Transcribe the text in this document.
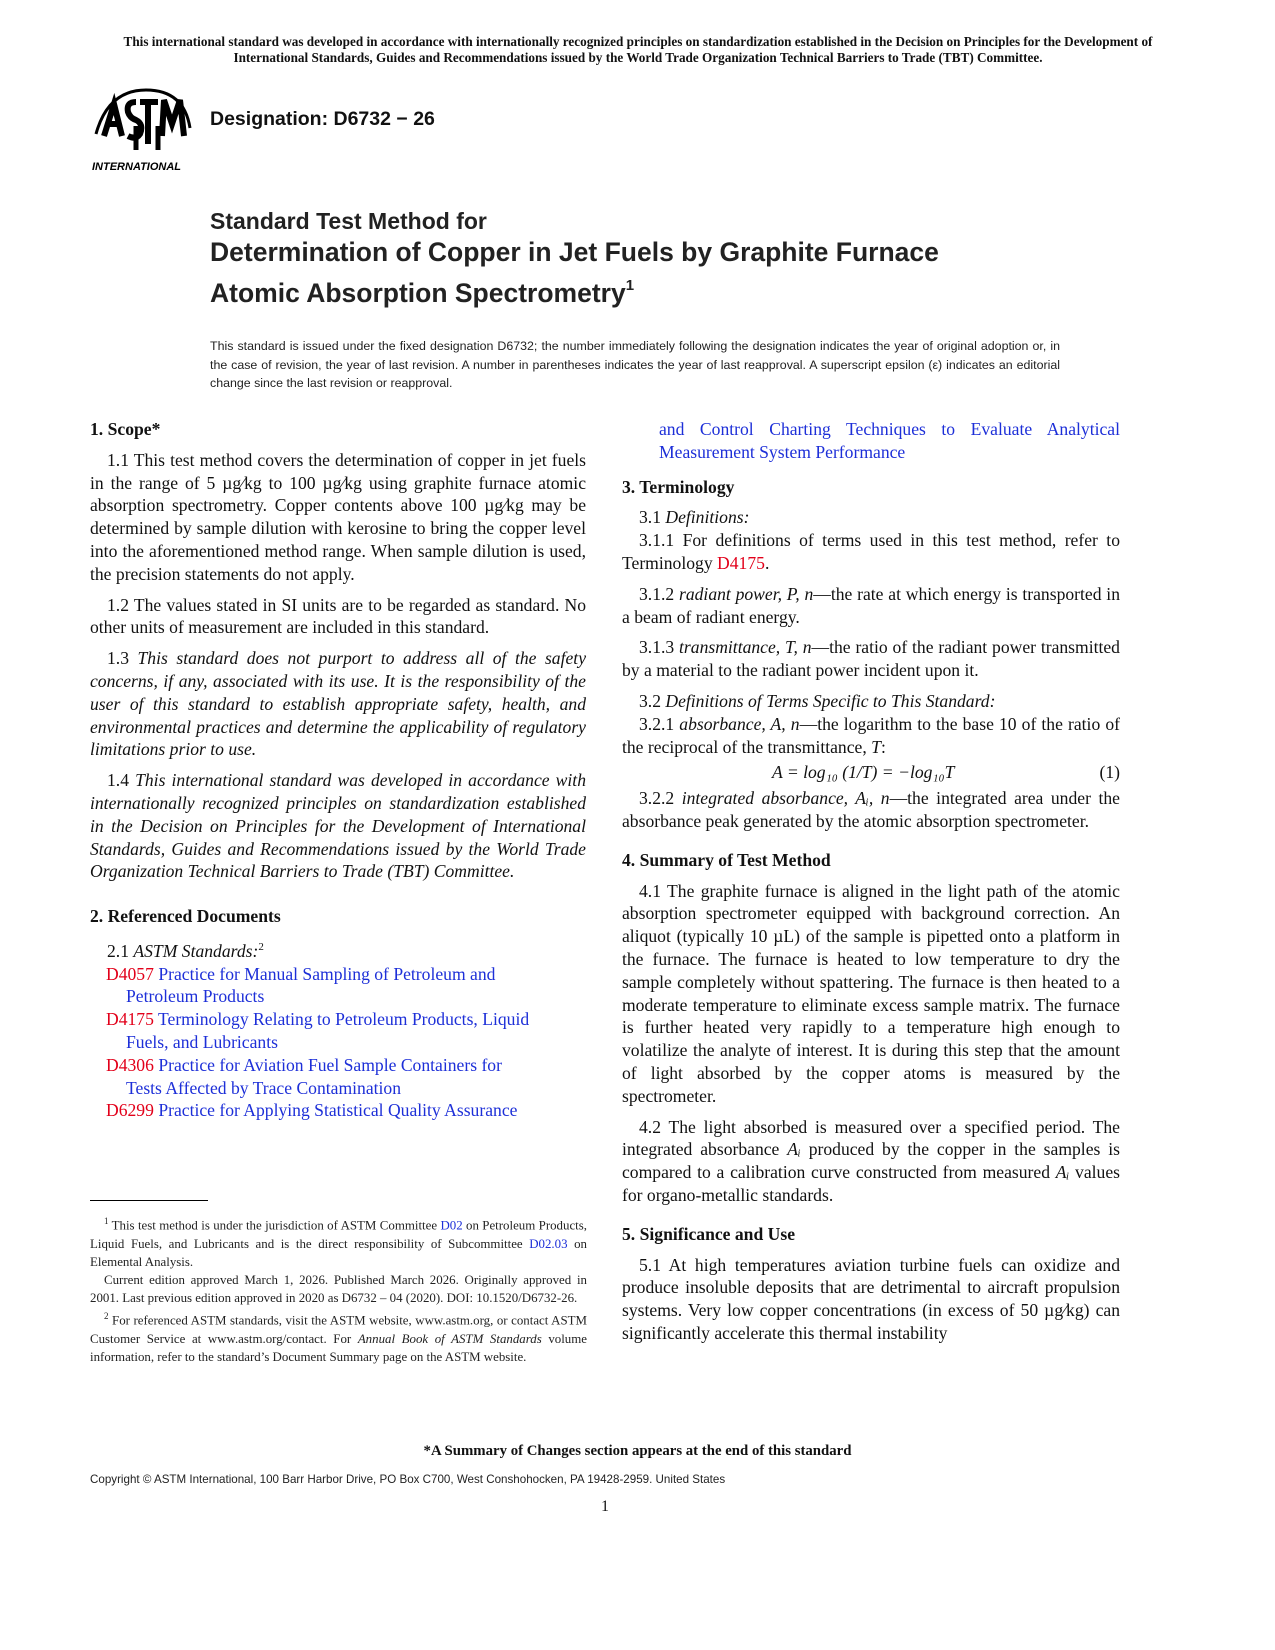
This international standard was developed in accordance with internationally recognized principles on standardization established in the Decision on Principles for the Development of International Standards, Guides and Recommendations issued by the World Trade Organization Technical Barriers to Trade (TBT) Committee.
INTERNATIONAL
Designation: D6732 − 26
Standard Test Method for
Determination of Copper in Jet Fuels by Graphite Furnace
Atomic Absorption Spectrometry$^1$
This standard is issued under the fixed designation D6732; the number immediately following the designation indicates the year of original adoption or, in the case of revision, the year of last revision. A number in parentheses indicates the year of last reapproval. A superscript epsilon (ε) indicates an editorial change since the last revision or reapproval.
1. Scope*
1.1 This test method covers the determination of copper in jet fuels in the range of 5 µg⁄kg to 100 µg⁄kg using graphite furnace atomic absorption spectrometry. Copper contents above 100 µg⁄kg may be determined by sample dilution with kerosine to bring the copper level into the aforementioned method range. When sample dilution is used, the precision statements do not apply.
1.2 The values stated in SI units are to be regarded as standard. No other units of measurement are included in this standard.
1.3 This standard does not purport to address all of the safety concerns, if any, associated with its use. It is the responsibility of the user of this standard to establish appropriate safety, health, and environmental practices and determine the applicability of regulatory limitations prior to use.
1.4 This international standard was developed in accordance with internationally recognized principles on standardization established in the Decision on Principles for the Development of International Standards, Guides and Recommendations issued by the World Trade Organization Technical Barriers to Trade (TBT) Committee.
2. Referenced Documents
2.1 ASTM Standards:$^2$
D4057 Practice for Manual Sampling of Petroleum and
Petroleum Products
D4175 Terminology Relating to Petroleum Products, Liquid
Fuels, and Lubricants
D4306 Practice for Aviation Fuel Sample Containers for
Tests Affected by Trace Contamination
D6299 Practice for Applying Statistical Quality Assurance
$^1$ This test method is under the jurisdiction of ASTM Committee D02 on Petroleum Products, Liquid Fuels, and Lubricants and is the direct responsibility of Subcommittee D02.03 on Elemental Analysis.
Current edition approved March 1, 2026. Published March 2026. Originally approved in 2001. Last previous edition approved in 2020 as D6732 – 04 (2020). DOI: 10.1520/D6732-26.
$^2$ For referenced ASTM standards, visit the ASTM website, www.astm.org, or contact ASTM Customer Service at www.astm.org/contact. For Annual Book of ASTM Standards volume information, refer to the standard’s Document Summary page on the ASTM website.
and Control Charting Techniques to Evaluate Analytical Measurement System Performance
3. Terminology
3.1 Definitions:
3.1.1 For definitions of terms used in this test method, refer to Terminology D4175.
3.1.2 radiant power, P, n—the rate at which energy is transported in a beam of radiant energy.
3.1.3 transmittance, T, n—the ratio of the radiant power transmitted by a material to the radiant power incident upon it.
3.2 Definitions of Terms Specific to This Standard:
3.2.1 absorbance, A, n—the logarithm to the base 10 of the ratio of the reciprocal of the transmittance, T:
A = log₁₀ (1/T) = −log₁₀T	(1)
3.2.2 integrated absorbance, Aᵢ, n—the integrated area under the absorbance peak generated by the atomic absorption spectrometer.
4. Summary of Test Method
4.1 The graphite furnace is aligned in the light path of the atomic absorption spectrometer equipped with background correction. An aliquot (typically 10 µL) of the sample is pipetted onto a platform in the furnace. The furnace is heated to low temperature to dry the sample completely without spattering. The furnace is then heated to a moderate temperature to eliminate excess sample matrix. The furnace is further heated very rapidly to a temperature high enough to volatilize the analyte of interest. It is during this step that the amount of light absorbed by the copper atoms is measured by the spectrometer.
4.2 The light absorbed is measured over a specified period. The integrated absorbance Aᵢ produced by the copper in the samples is compared to a calibration curve constructed from measured Aᵢ values for organo-metallic standards.
5. Significance and Use
5.1 At high temperatures aviation turbine fuels can oxidize and produce insoluble deposits that are detrimental to aircraft propulsion systems. Very low copper concentrations (in excess of 50 µg⁄kg) can significantly accelerate this thermal instability
*A Summary of Changes section appears at the end of this standard
Copyright © ASTM International, 100 Barr Harbor Drive, PO Box C700, West Conshohocken, PA 19428-2959. United States
1
